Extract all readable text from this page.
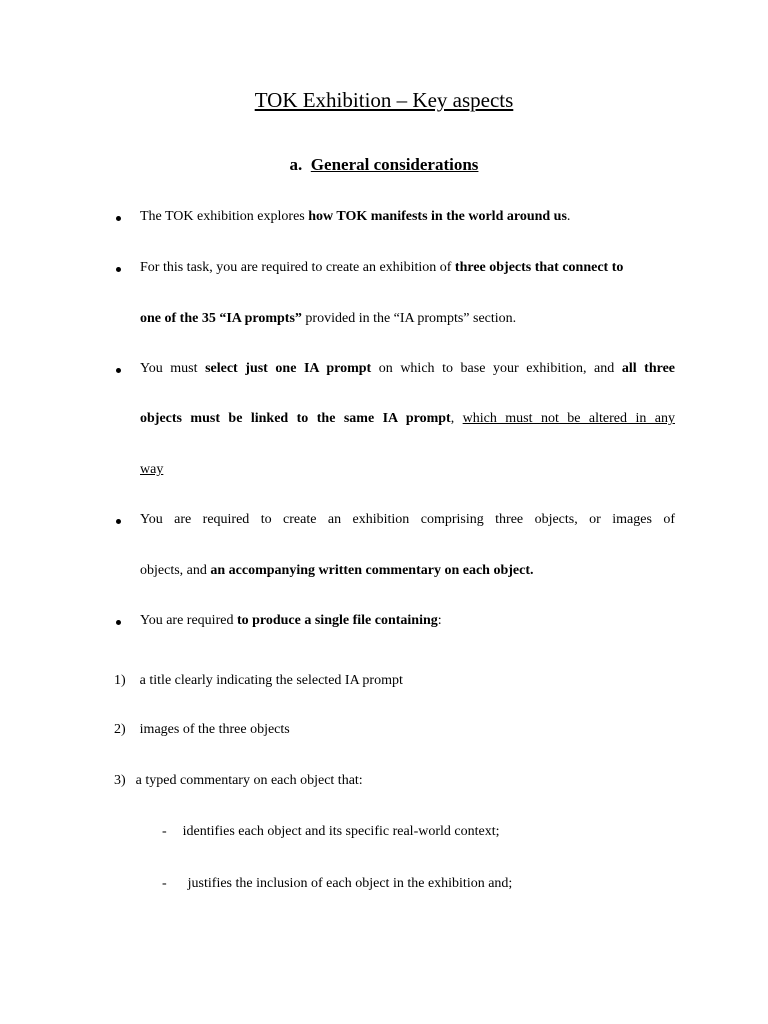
TOK Exhibition – Key aspects
a. General considerations
The TOK exhibition explores how TOK manifests in the world around us.
For this task, you are required to create an exhibition of three objects that connect to
one of the 35 “IA prompts” provided in the “IA prompts” section.
You must select just one IA prompt on which to base your exhibition, and all three
objects must be linked to the same IA prompt, which must not be altered in any
way
You are required to create an exhibition comprising three objects, or images of
objects, and an accompanying written commentary on each object.
You are required to produce a single file containing:
1) a title clearly indicating the selected IA prompt
2) images of the three objects
3) a typed commentary on each object that:
- identifies each object and its specific real-world context;
- justifies the inclusion of each object in the exhibition and;
